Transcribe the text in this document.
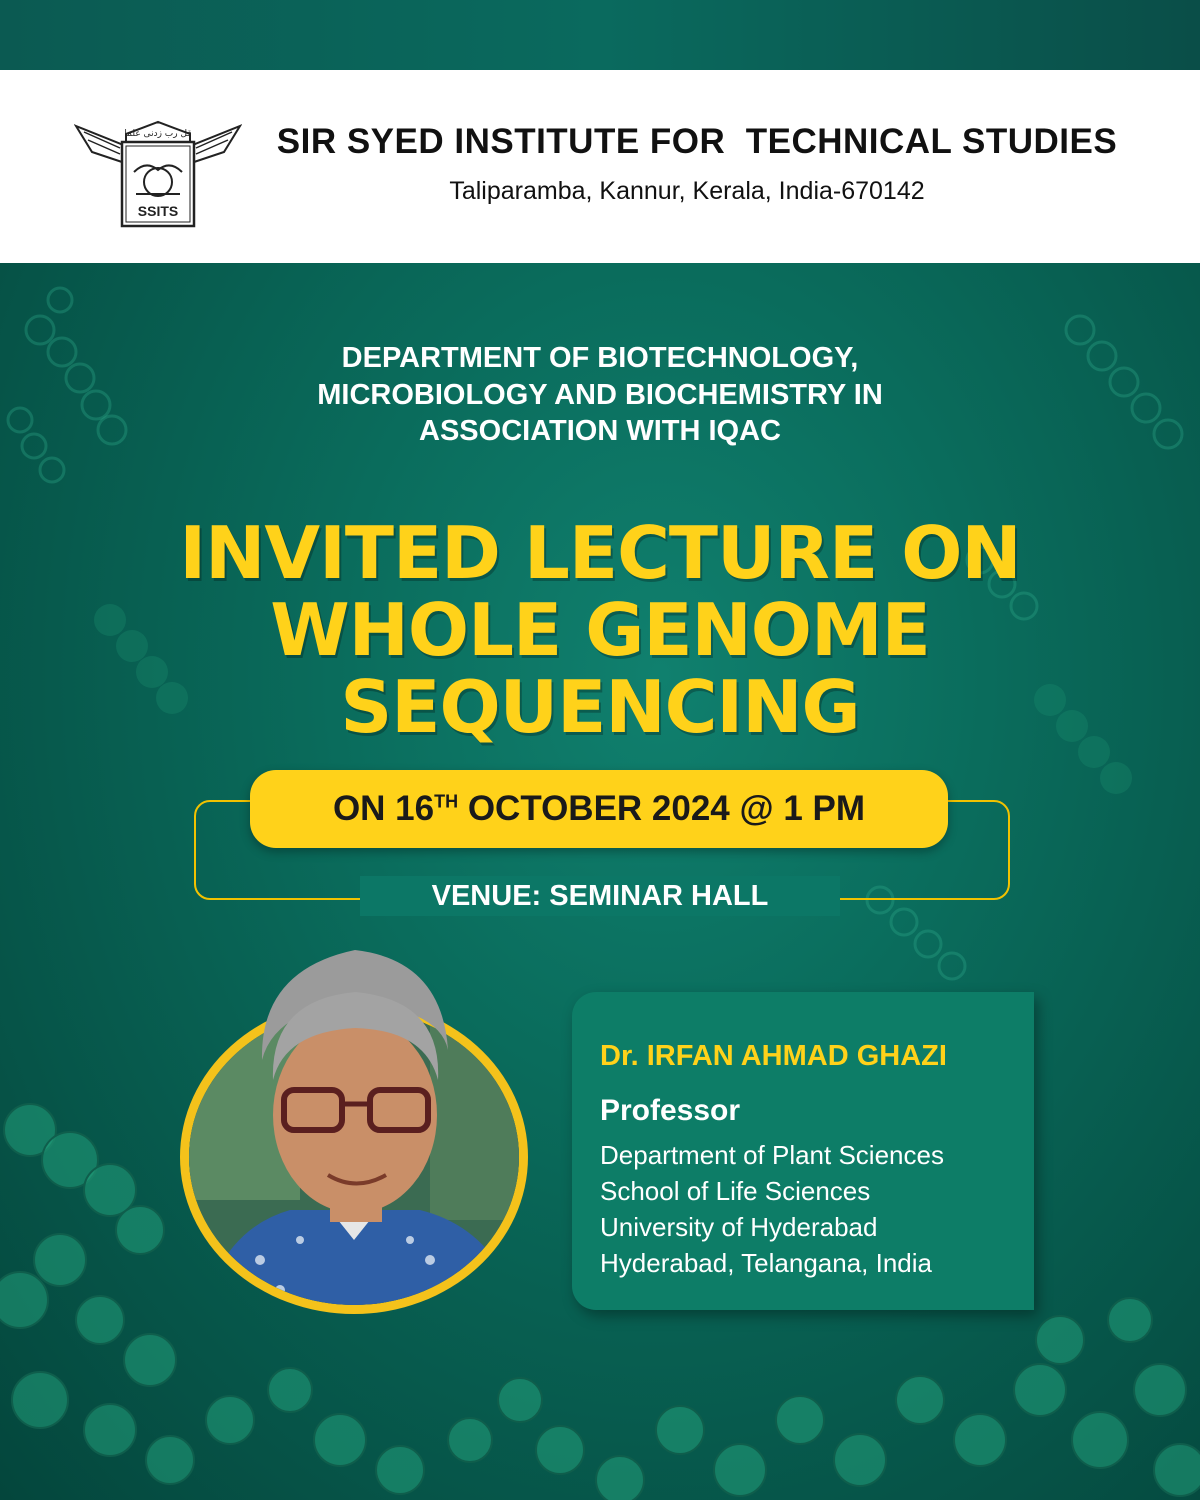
قل رب زدنی علما
SSITS
SIR SYED INSTITUTE FOR  TECHNICAL STUDIES
Taliparamba, Kannur, Kerala, India-670142
DEPARTMENT OF BIOTECHNOLOGY,
MICROBIOLOGY AND BIOCHEMISTRY IN
ASSOCIATION WITH IQAC
INVITED LECTURE ON
WHOLE GENOME
SEQUENCING
ON 16TH OCTOBER 2024 @ 1 PM
VENUE: SEMINAR HALL
Dr. IRFAN AHMAD GHAZI
Professor
Department of Plant Sciences
School of Life Sciences
University of Hyderabad
Hyderabad, Telangana, India
